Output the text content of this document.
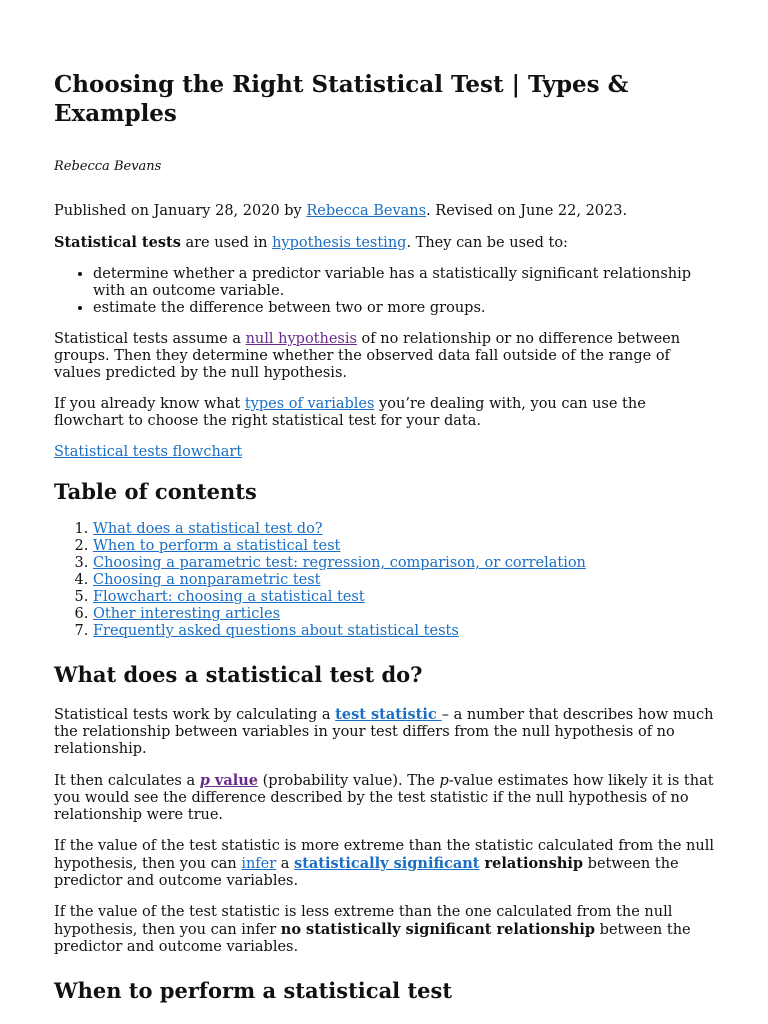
Choosing the Right Statistical Test | Types & Examples
Rebecca Bevans

Published on January 28, 2020 by Rebecca Bevans. Revised on June 22, 2023.

Statistical tests are used in hypothesis testing. They can be used to:

• determine whether a predictor variable has a statistically significant relationship with an outcome variable.
• estimate the difference between two or more groups.

Statistical tests assume a null hypothesis of no relationship or no difference between groups. Then they determine whether the observed data fall outside of the range of values predicted by the null hypothesis.

If you already know what types of variables you’re dealing with, you can use the flowchart to choose the right statistical test for your data.

Statistical tests flowchart

Table of contents
1. What does a statistical test do?
2. When to perform a statistical test
3. Choosing a parametric test: regression, comparison, or correlation
4. Choosing a nonparametric test
5. Flowchart: choosing a statistical test
6. Other interesting articles
7. Frequently asked questions about statistical tests
What does a statistical test do?

Statistical tests work by calculating a test statistic – a number that describes how much the relationship between variables in your test differs from the null hypothesis of no relationship.

It then calculates a p value (probability value). The p-value estimates how likely it is that you would see the difference described by the test statistic if the null hypothesis of no relationship were true.

If the value of the test statistic is more extreme than the statistic calculated from the null hypothesis, then you can infer a statistically significant relationship between the predictor and outcome variables.

If the value of the test statistic is less extreme than the one calculated from the null hypothesis, then you can infer no statistically significant relationship between the predictor and outcome variables.

When to perform a statistical test
